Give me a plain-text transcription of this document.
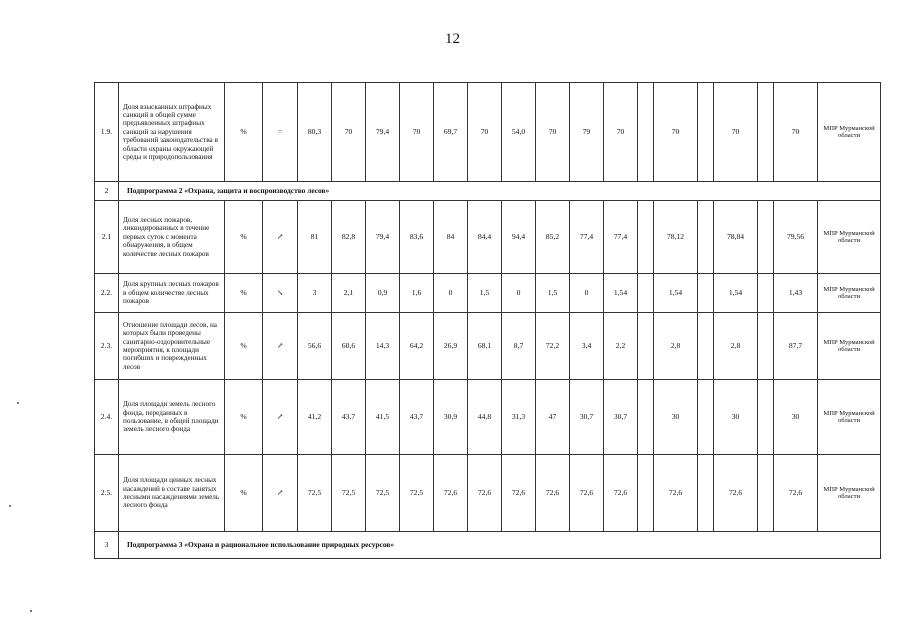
12
1.9.	Доля взысканных штрафных санкций в общей сумме предъявленных штрафных санкций за нарушения требований законодательства в области охраны окружающей среды и природопользования	%	=	80,3	70	79,4	70	69,7	70	54,0	70	79	70		70		70		70	МПР Мурманской области
2	Подпрограмма 2 «Охрана, защита и воспроизводство лесов»																			
2.1	Доля лесных пожаров, ликвидированных в течение первых суток с момента обнаружения, в общем количестве лесных пожаров	%	↗	81	82,8	79,4	83,6	84	84,4	94,4	85,2	77,4	77,4		78,12		78,84		79,56	МПР Мурманской области
2.2.	Доля крупных лесных пожаров в общем количестве лесных пожаров	%	↘	3	2,1	0,9	1,6	0	1,5	0	1,5	0	1,54		1,54		1,54		1,43	МПР Мурманской области
2.3.	Отношение площади лесов, на которых были проведены санитарно-оздоровительные мероприятия, к площади погибших и поврежденных лесов	%	↗	56,6	60,6	14,3	64,2	26,9	68,1	8,7	72,2	3,4	2,2		2,8		2,8		87,7	МПР Мурманской области
2.4.	Доля площади земель лесного фонда, переданных в пользование, в общей площади земель лесного фонда	%	↗	41,2	43,7	41,5	43,7	30,9	44,8	31,3	47	30,7	30,7		30		30		30	МПР Мурманской области
2.5.	Доля площади ценных лесных насаждений в составе занятых лесными насаждениями земель лесного фонда	%	↗	72,5	72,5	72,5	72,5	72,6	72,6	72,6	72,6	72,6	72,6		72,6		72,6		72,6	МПР Мурманской области
3	Подпрограмма 3 «Охрана и рациональное использование природных ресурсов»																			
